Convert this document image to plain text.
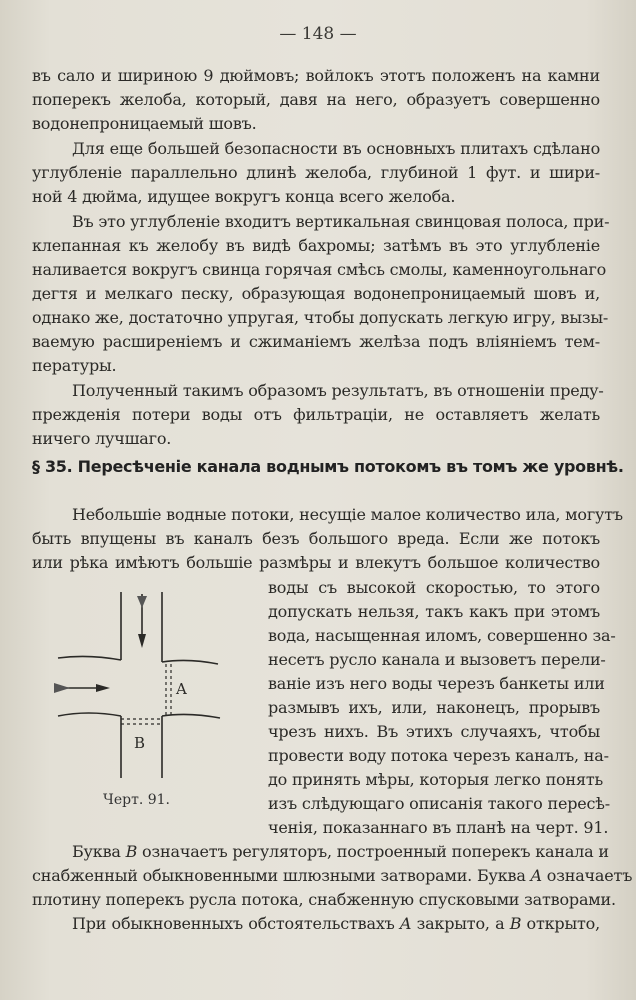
— 148 —
въ сало и шириною 9 дюймовъ; войлокъ этотъ положенъ на камни
поперекъ желоба, который, давя на него, образуетъ совершенно
водонепроницаемый шовъ.
Для еще большей безопасности въ основныхъ плитахъ сдѣлано
углубленіе параллельно длинѣ желоба, глубиной 1 фут. и шири-
ной 4 дюйма, идущее вокругъ конца всего желоба.
Въ это углубленіе входитъ вертикальная свинцовая полоса, при-
клепанная къ желобу въ видѣ бахромы; затѣмъ въ это углубленіе
наливается вокругъ свинца горячая смѣсь смолы, каменноугольнаго
дегтя и мелкаго песку, образующая водонепроницаемый шовъ и,
однако же, достаточно упругая, чтобы допускать легкую игру, вызы-
ваемую расширеніемъ и сжиманіемъ желѣза подъ вліяніемъ тем-
пературы.
Полученный такимъ образомъ результатъ, въ отношеніи преду-
прежденія потери воды отъ фильтраціи, не оставляетъ желать
ничего лучшаго.
§ 35. Пересѣченіе канала воднымъ потокомъ въ томъ же уровнѣ.
Небольшіе водные потоки, несущіе малое количество ила, могутъ
быть впущены въ каналъ безъ большого вреда. Если же потокъ
или рѣка имѣютъ большіе размѣры и влекутъ большое количество
воды съ высокой скоростью, то этого
допускать нельзя, такъ какъ при этомъ
вода, насыщенная иломъ, совершенно за-
несетъ русло канала и вызоветъ перели-
ваніе изъ него воды черезъ банкеты или
размывъ ихъ, или, наконецъ, прорывъ
чрезъ нихъ. Въ этихъ случаяхъ, чтобы
провести воду потока черезъ каналъ, на-
до принять мѣры, которыя легко понять
изъ слѣдующаго описанія такого пересѣ-
ченія, показаннаго въ планѣ на черт. 91.
A
B
Черт. 91.
Буква B означаетъ регуляторъ, построенный поперекъ канала и
снабженный обыкновенными шлюзными затворами. Буква A означаетъ
плотину поперекъ русла потока, снабженную спусковыми затворами.
При обыкновенныхъ обстоятельствахъ A закрыто, а B открыто,
